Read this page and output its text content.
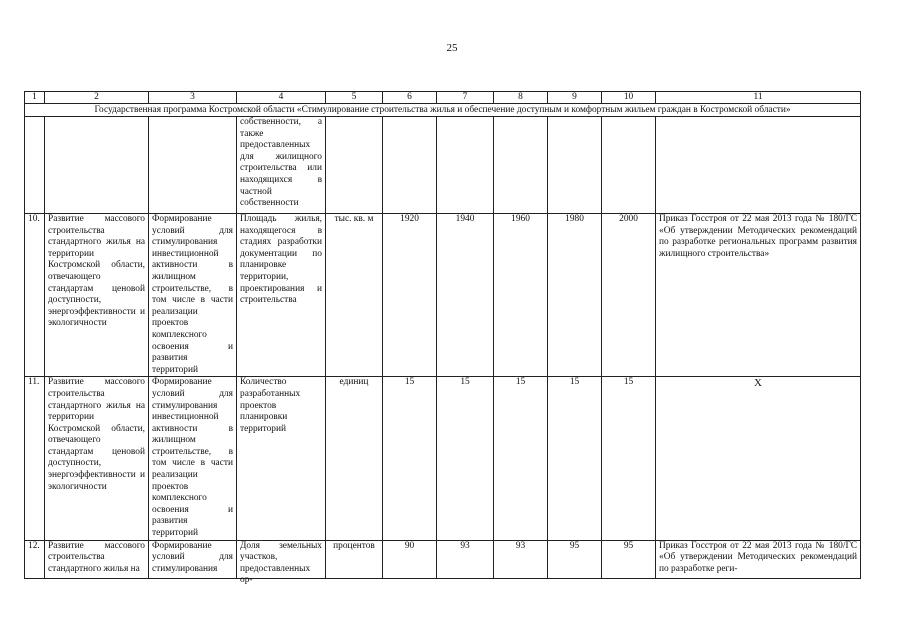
25
1	2	3	4	5	6	7	8	9	10	11
Государственная программа Костромской области «Стимулирование строительства жилья и обеспечение доступным и комфортным жильем граждан в Костромской области»										
			собственности, а также предоставленных для жилищного строительства или находящихся в частной собственности							
10.	Развитие массового строительства стандартного жилья на территории Костромской области, отвечающего стандартам ценовой доступности, энергоэффективности и экологичности	Формирование условий для стимулирования инвестиционной активности в жилищном строительстве, в том числе в части реализации проектов комплексного освоения и развития территорий	Площадь жилья, находящегося в стадиях разработки документации по планировке территории, проектирования и строительства	тыс. кв. м	1920	1940	1960	1980	2000	Приказ Госстроя от 22 мая 2013 года № 180/ГС «Об утверждении Методических рекомендаций по разработке региональных программ развития жилищного строительства»
11.	Развитие массового строительства стандартного жилья на территории Костромской области, отвечающего стандартам ценовой доступности, энергоэффективности и экологичности	Формирование условий для стимулирования инвестиционной активности в жилищном строительстве, в том числе в части реализации проектов комплексного освоения и развития территорий	Количество разработанных проектов планировки территорий	единиц	15	15	15	15	15	X

12.	Развитие массового строительства стандартного жилья на	Формирование условий для стимулирования	Доля земельных участков, предоставленных ор-	процентов	90	93	93	95	95	Приказ Госстроя от 22 мая 2013 года № 180/ГС «Об утверждении Методических рекомендаций по разработке реги-
